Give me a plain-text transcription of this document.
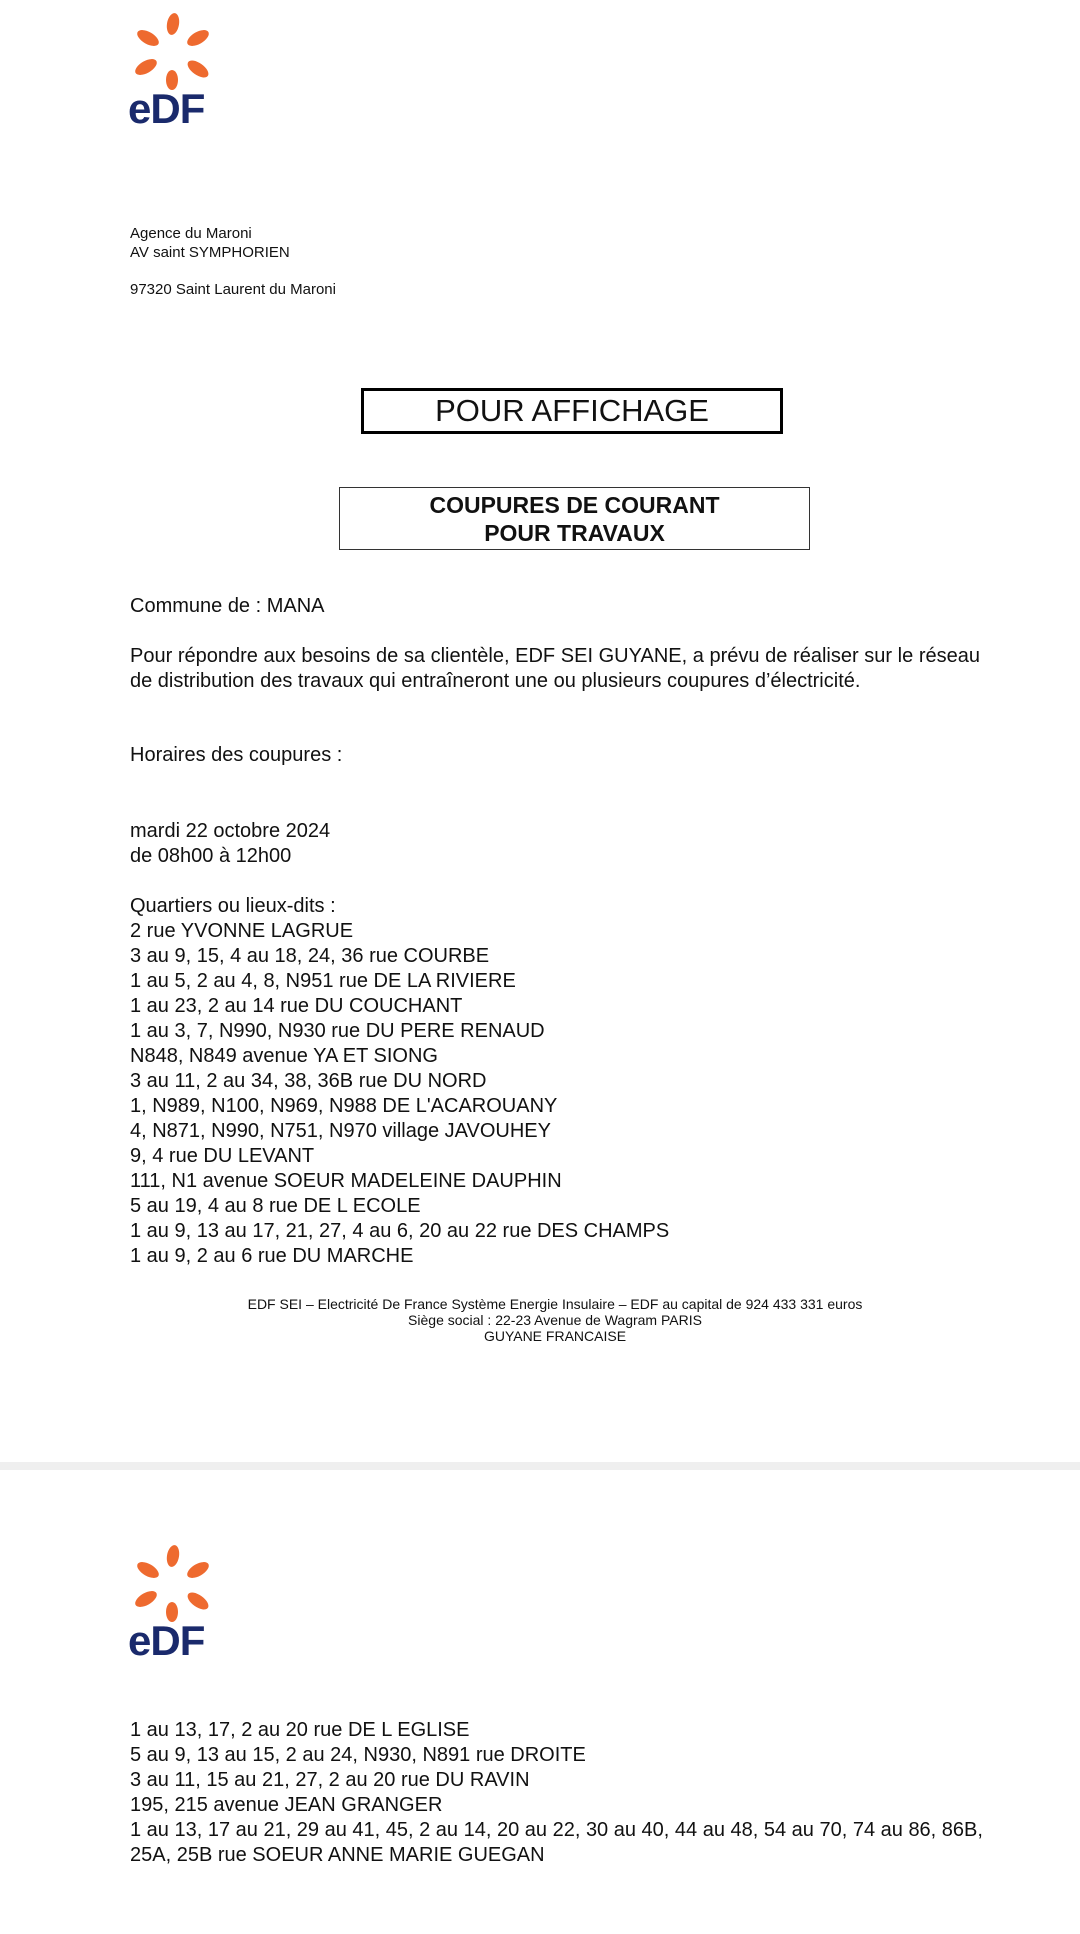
eDF
Agence du Maroni
AV saint SYMPHORIEN
97320 Saint Laurent du Maroni
POUR AFFICHAGE
COUPURES DE COURANT
POUR TRAVAUX
Commune de : MANA
Pour répondre aux besoins de sa clientèle, EDF SEI GUYANE, a prévu de réaliser sur le réseau de distribution des travaux qui entraîneront une ou plusieurs coupures d’électricité.
Horaires des coupures :
mardi 22 octobre 2024
de 08h00 à 12h00
Quartiers ou lieux-dits :
2 rue YVONNE LAGRUE
3 au 9, 15, 4 au 18, 24, 36 rue COURBE
1 au 5, 2 au 4, 8, N951 rue DE LA RIVIERE
1 au 23, 2 au 14 rue DU COUCHANT
1 au 3, 7, N990, N930 rue DU PERE RENAUD
N848, N849 avenue YA ET SIONG
3 au 11, 2 au 34, 38, 36B rue DU NORD
1, N989, N100, N969, N988 DE L'ACAROUANY
4, N871, N990, N751, N970 village JAVOUHEY
9, 4 rue DU LEVANT
111, N1 avenue SOEUR MADELEINE DAUPHIN
5 au 19, 4 au 8 rue DE L ECOLE
1 au 9, 13 au 17, 21, 27, 4 au 6, 20 au 22 rue DES CHAMPS
1 au 9, 2 au 6 rue DU MARCHE
EDF SEI – Electricité De France Système Energie Insulaire – EDF au capital de 924 433 331 euros
Siège social : 22-23 Avenue de Wagram PARIS
GUYANE FRANCAISE
eDF
1 au 13, 17, 2 au 20 rue DE L EGLISE
5 au 9, 13 au 15, 2 au 24, N930, N891 rue DROITE
3 au 11, 15 au 21, 27, 2 au 20 rue DU RAVIN
195, 215 avenue JEAN GRANGER
1 au 13, 17 au 21, 29 au 41, 45, 2 au 14, 20 au 22, 30 au 40, 44 au 48, 54 au 70, 74 au 86, 86B, 25A, 25B rue SOEUR ANNE MARIE GUEGAN
